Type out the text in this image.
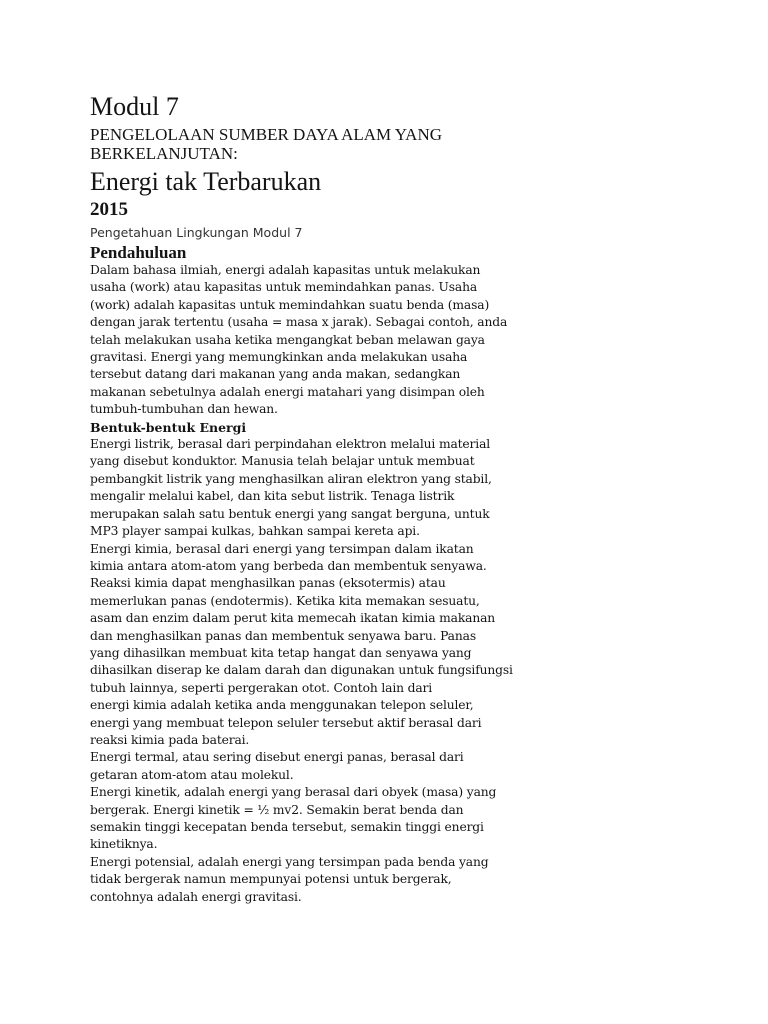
Modul 7
PENGELOLAAN SUMBER DAYA ALAM YANG
BERKELANJUTAN:
Energi tak Terbarukan
2015
Pengetahuan Lingkungan Modul 7
Pendahuluan

Dalam bahasa ilmiah, energi adalah kapasitas untuk melakukan
usaha (work) atau kapasitas untuk memindahkan panas. Usaha
(work) adalah kapasitas untuk memindahkan suatu benda (masa)
dengan jarak tertentu (usaha = masa x jarak). Sebagai contoh, anda
telah melakukan usaha ketika mengangkat beban melawan gaya
gravitasi. Energi yang memungkinkan anda melakukan usaha
tersebut datang dari makanan yang anda makan, sedangkan
makanan sebetulnya adalah energi matahari yang disimpan oleh
tumbuh-tumbuhan dan hewan.

Bentuk-bentuk Energi

Energi listrik, berasal dari perpindahan elektron melalui material
yang disebut konduktor. Manusia telah belajar untuk membuat
pembangkit listrik yang menghasilkan aliran elektron yang stabil,
mengalir melalui kabel, dan kita sebut listrik. Tenaga listrik
merupakan salah satu bentuk energi yang sangat berguna, untuk
MP3 player sampai kulkas, bahkan sampai kereta api.

Energi kimia, berasal dari energi yang tersimpan dalam ikatan
kimia antara atom-atom yang berbeda dan membentuk senyawa.
Reaksi kimia dapat menghasilkan panas (eksotermis) atau
memerlukan panas (endotermis). Ketika kita memakan sesuatu,
asam dan enzim dalam perut kita memecah ikatan kimia makanan
dan menghasilkan panas dan membentuk senyawa baru. Panas
yang dihasilkan membuat kita tetap hangat dan senyawa yang
dihasilkan diserap ke dalam darah dan digunakan untuk fungsifungsi
tubuh lainnya, seperti pergerakan otot. Contoh lain dari
energi kimia adalah ketika anda menggunakan telepon seluler,
energi yang membuat telepon seluler tersebut aktif berasal dari
reaksi kimia pada baterai.

Energi termal, atau sering disebut energi panas, berasal dari
getaran atom-atom atau molekul.

Energi kinetik, adalah energi yang berasal dari obyek (masa) yang
bergerak. Energi kinetik = ½ mv2. Semakin berat benda dan
semakin tinggi kecepatan benda tersebut, semakin tinggi energi
kinetiknya.

Energi potensial, adalah energi yang tersimpan pada benda yang
tidak bergerak namun mempunyai potensi untuk bergerak,
contohnya adalah energi gravitasi.
